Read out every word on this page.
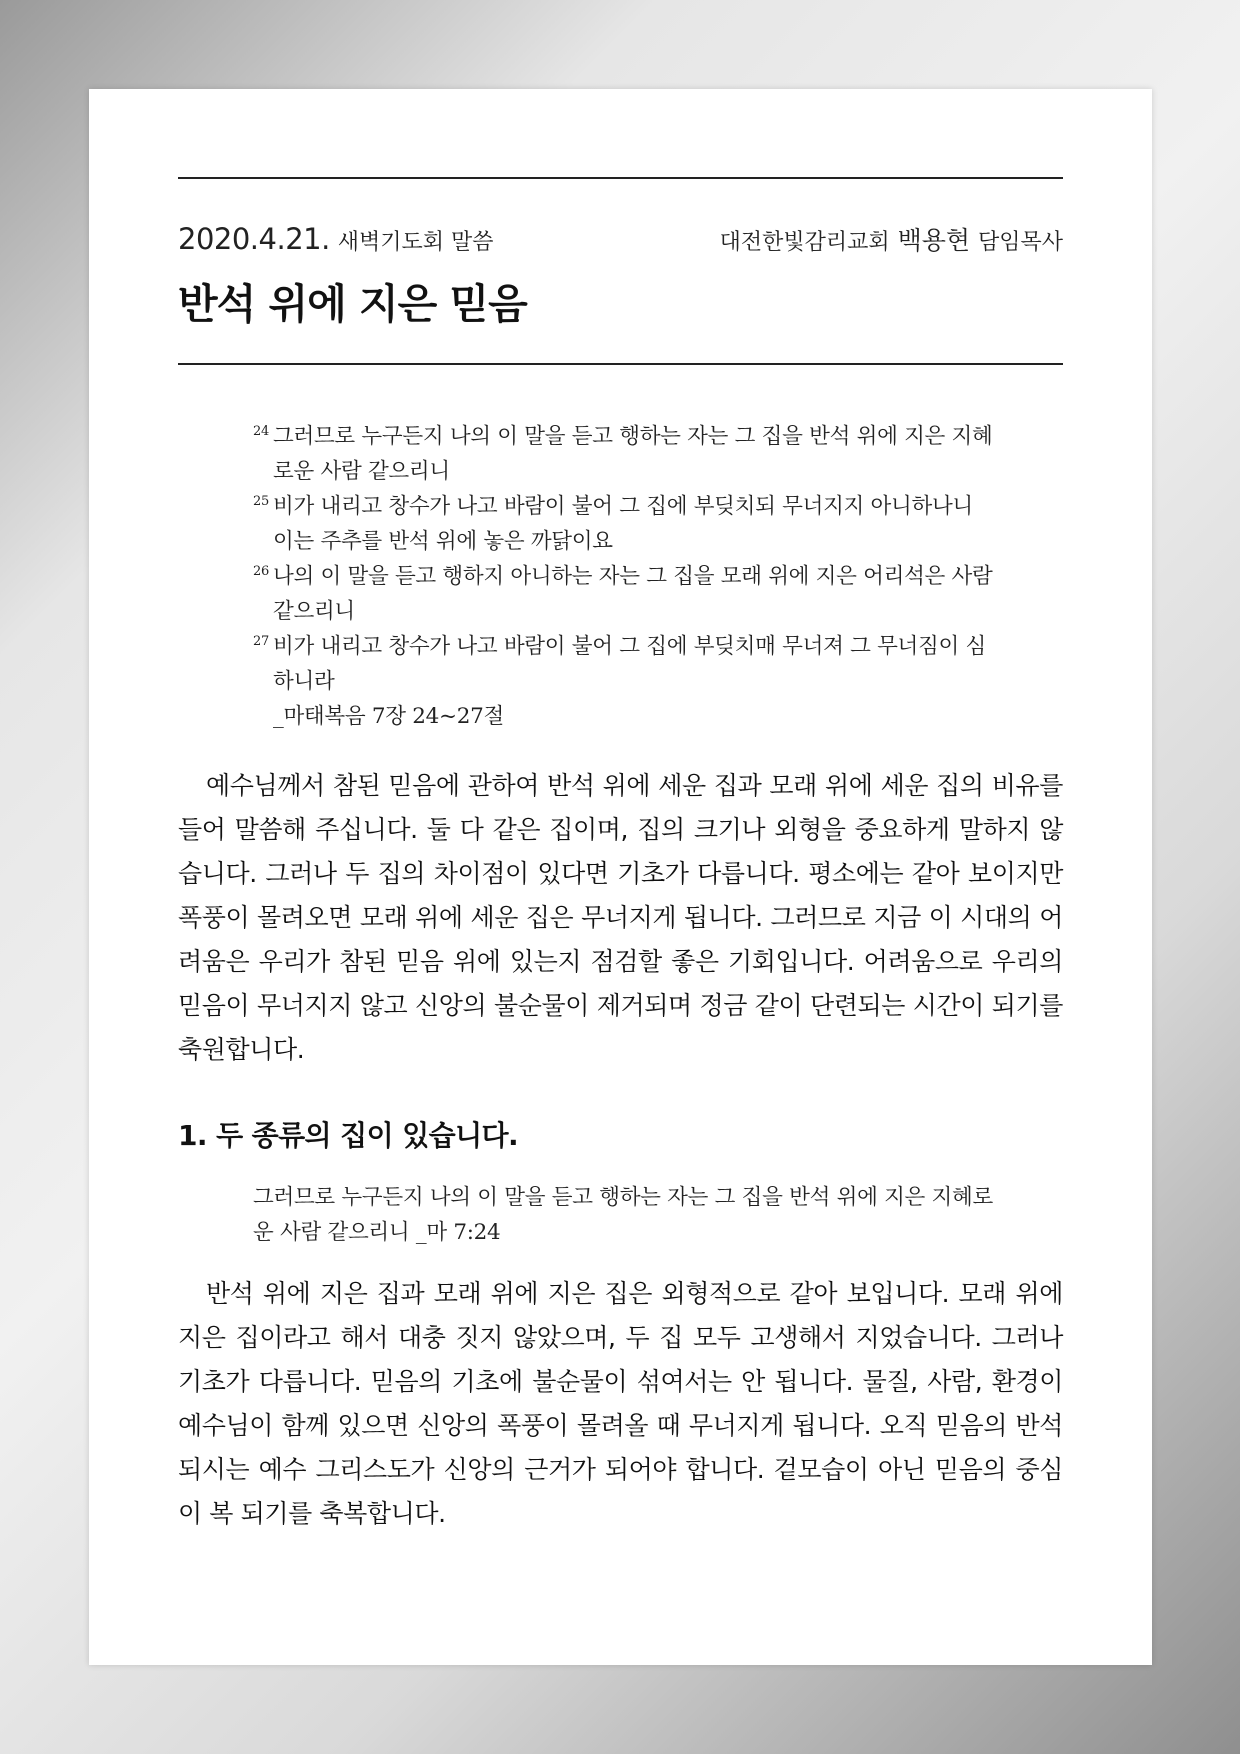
2020.4.21. 새벽기도회 말씀	대전한빛감리교회 백용현 담임목사
반석 위에 지은 믿음
24 그러므로 누구든지 나의 이 말을 듣고 행하는 자는 그 집을 반석 위에 지은 지혜로운 사람 같으리니
25 비가 내리고 창수가 나고 바람이 불어 그 집에 부딪치되 무너지지 아니하나니 이는 주추를 반석 위에 놓은 까닭이요
26 나의 이 말을 듣고 행하지 아니하는 자는 그 집을 모래 위에 지은 어리석은 사람 같으리니
27 비가 내리고 창수가 나고 바람이 불어 그 집에 부딪치매 무너져 그 무너짐이 심하니라
_마태복음 7장 24~27절

예수님께서 참된 믿음에 관하여 반석 위에 세운 집과 모래 위에 세운 집의 비유를 들어 말씀해 주십니다. 둘 다 같은 집이며, 집의 크기나 외형을 중요하게 말하지 않습니다. 그러나 두 집의 차이점이 있다면 기초가 다릅니다. 평소에는 같아 보이지만 폭풍이 몰려오면 모래 위에 세운 집은 무너지게 됩니다. 그러므로 지금 이 시대의 어려움은 우리가 참된 믿음 위에 있는지 점검할 좋은 기회입니다. 어려움으로 우리의 믿음이 무너지지 않고 신앙의 불순물이 제거되며 정금 같이 단련되는 시간이 되기를 축원합니다.

1. 두 종류의 집이 있습니다.
그러므로 누구든지 나의 이 말을 듣고 행하는 자는 그 집을 반석 위에 지은 지혜로운 사람 같으리니 _마 7:24

반석 위에 지은 집과 모래 위에 지은 집은 외형적으로 같아 보입니다. 모래 위에 지은 집이라고 해서 대충 짓지 않았으며, 두 집 모두 고생해서 지었습니다. 그러나 기초가 다릅니다. 믿음의 기초에 불순물이 섞여서는 안 됩니다. 물질, 사람, 환경이 예수님이 함께 있으면 신앙의 폭풍이 몰려올 때 무너지게 됩니다. 오직 믿음의 반석 되시는 예수 그리스도가 신앙의 근거가 되어야 합니다. 겉모습이 아닌 믿음의 중심이 복 되기를 축복합니다.
